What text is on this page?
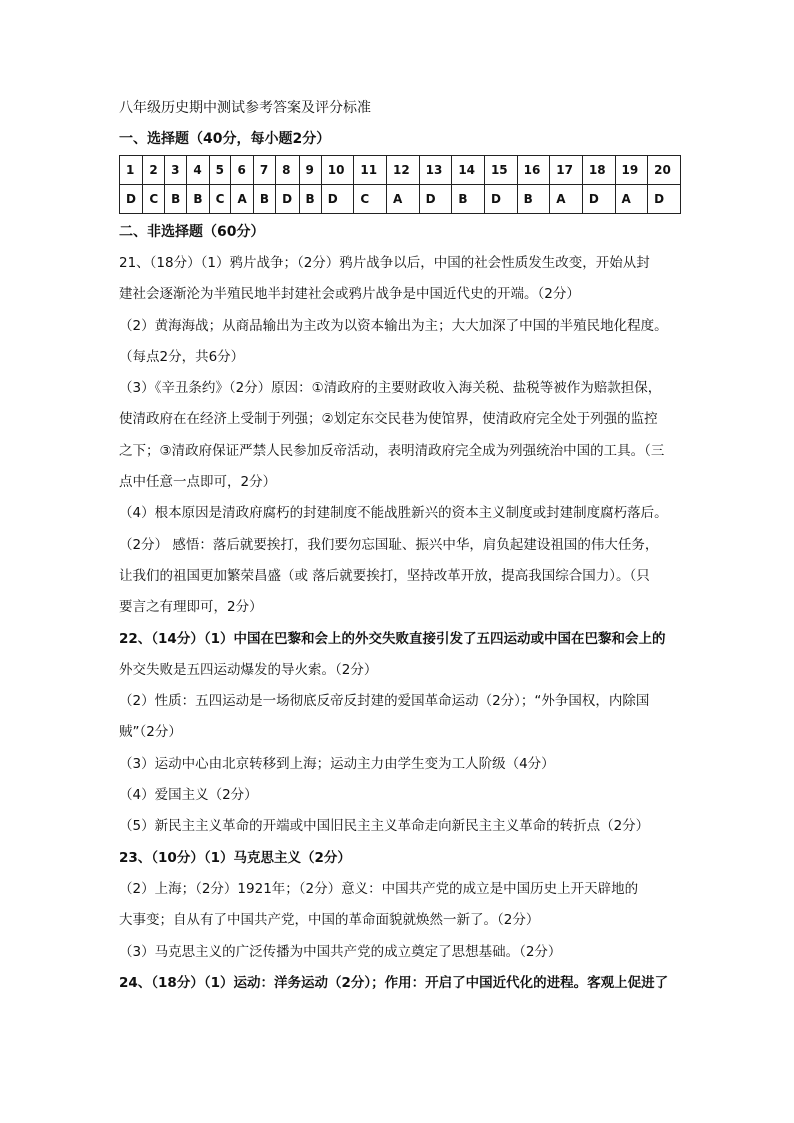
八年级历史期中测试参考答案及评分标准
一、选择题（40分，每小题2分）
1	2	3	4	5	6	7	8	9	10	11	12	13	14	15	16	17	18	19	20
D	C	B	B	C	A	B	D	B	D	C	A	D	B	D	B	A	D	A	D
二、非选择题（60分）
21、（18分）（1）鸦片战争；（2分）鸦片战争以后，中国的社会性质发生改变，开始从封
建社会逐渐沦为半殖民地半封建社会或鸦片战争是中国近代史的开端。（2分）
（2）黄海海战；从商品输出为主改为以资本输出为主；大大加深了中国的半殖民地化程度。
（每点2分，共6分）
（3）《辛丑条约》（2分）原因：①清政府的主要财政收入海关税、盐税等被作为赔款担保，
使清政府在在经济上受制于列强；②划定东交民巷为使馆界，使清政府完全处于列强的监控
之下；③清政府保证严禁人民参加反帝活动，表明清政府完全成为列强统治中国的工具。（三
点中任意一点即可，2分）
（4）根本原因是清政府腐朽的封建制度不能战胜新兴的资本主义制度或封建制度腐朽落后。
（2分） 感悟：落后就要挨打，我们要勿忘国耻、振兴中华，肩负起建设祖国的伟大任务，
让我们的祖国更加繁荣昌盛（或 落后就要挨打，坚持改革开放，提高我国综合国力）。（只
要言之有理即可，2分）
22、（14分）（1）中国在巴黎和会上的外交失败直接引发了五四运动或中国在巴黎和会上的
外交失败是五四运动爆发的导火索。（2分）
（2）性质：五四运动是一场彻底反帝反封建的爱国革命运动（2分）；“外争国权，内除国
贼”（2分）
（3）运动中心由北京转移到上海；运动主力由学生变为工人阶级（4分）
（4）爱国主义（2分）
（5）新民主主义革命的开端或中国旧民主主义革命走向新民主主义革命的转折点（2分）
23、（10分）（1）马克思主义（2分）
（2）上海；（2分）1921年；（2分）意义：中国共产党的成立是中国历史上开天辟地的
大事变；自从有了中国共产党，中国的革命面貌就焕然一新了。（2分）
（3）马克思主义的广泛传播为中国共产党的成立奠定了思想基础。（2分）
24、（18分）（1）运动：洋务运动（2分）；作用：开启了中国近代化的进程。客观上促进了
